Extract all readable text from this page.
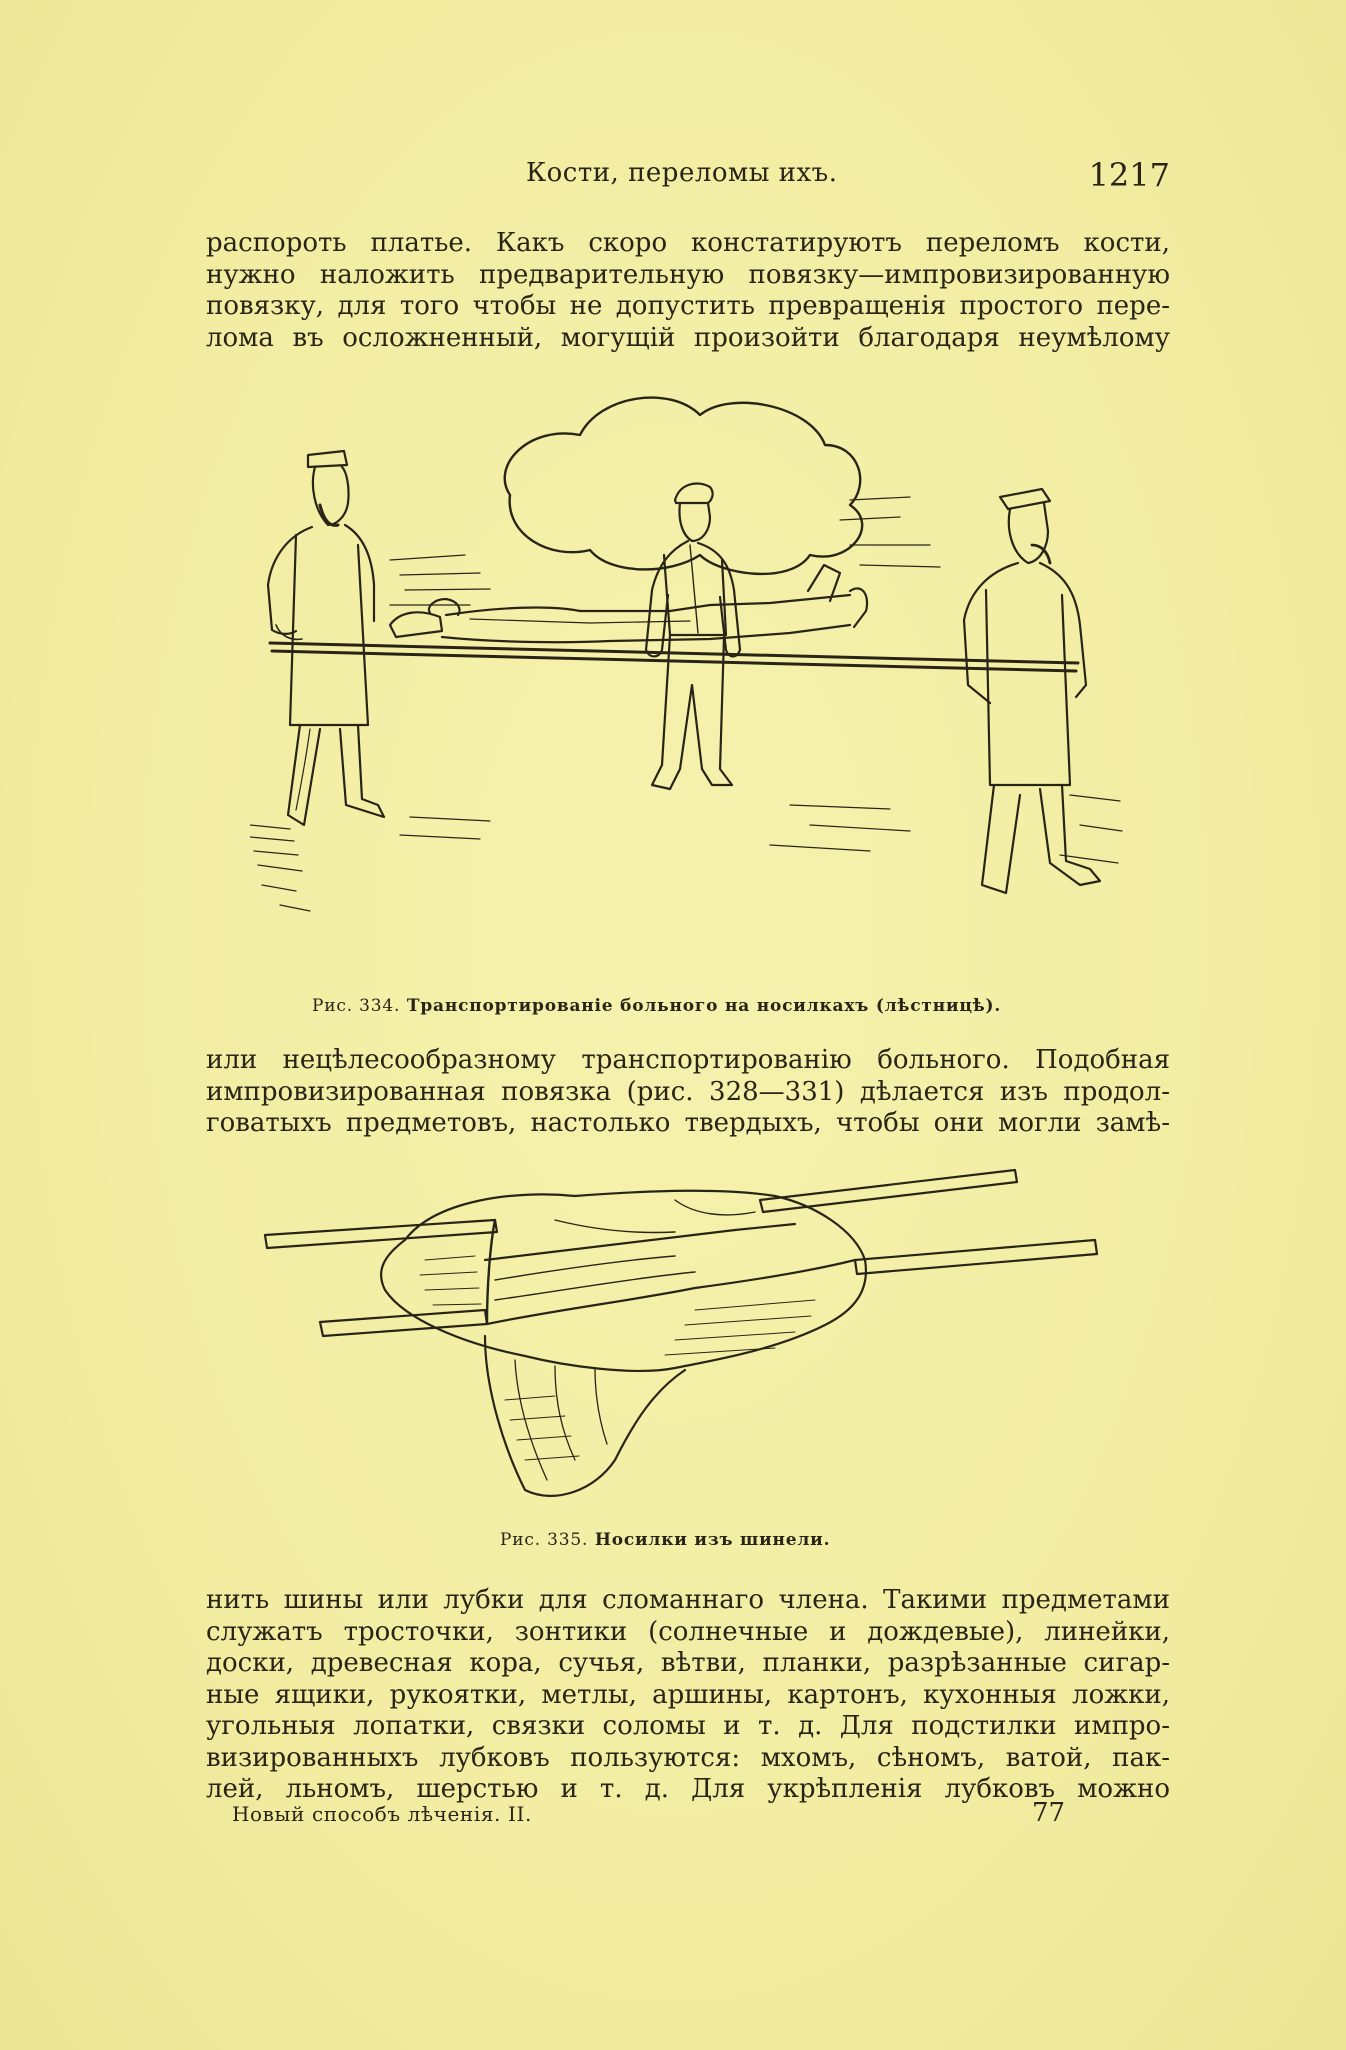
Кости, переломы ихъ.	1217

распороть платье. Какъ скоро констатируютъ переломъ кости,
нужно наложить предварительную повязку—импровизированную
повязку, для того чтобы не допустить превращенія простого пере-
лома въ осложненный, могущій произойти благодаря неумѣлому

Рис. 334. Транспортированіе больного на носилкахъ (лѣстницѣ).

или нецѣлесообразному транспортированію больного. Подобная
импровизированная повязка (рис. 328—331) дѣлается изъ продол-
говатыхъ предметовъ, настолько твердыхъ, чтобы они могли замѣ-

Рис. 335. Носилки изъ шинели.

нить шины или лубки для сломаннаго члена. Такими предметами
служатъ тросточки, зонтики (солнечные и дождевые), линейки,
доски, древесная кора, сучья, вѣтви, планки, разрѣзанные сигар-
ные ящики, рукоятки, метлы, аршины, картонъ, кухонныя ложки,
угольныя лопатки, связки соломы и т. д. Для подстилки импро-
визированныхъ лубковъ пользуются: мхомъ, сѣномъ, ватой, пак-
лей, льномъ, шерстью и т. д. Для укрѣпленія лубковъ можно

Новый способъ лѣченія. II.	77
